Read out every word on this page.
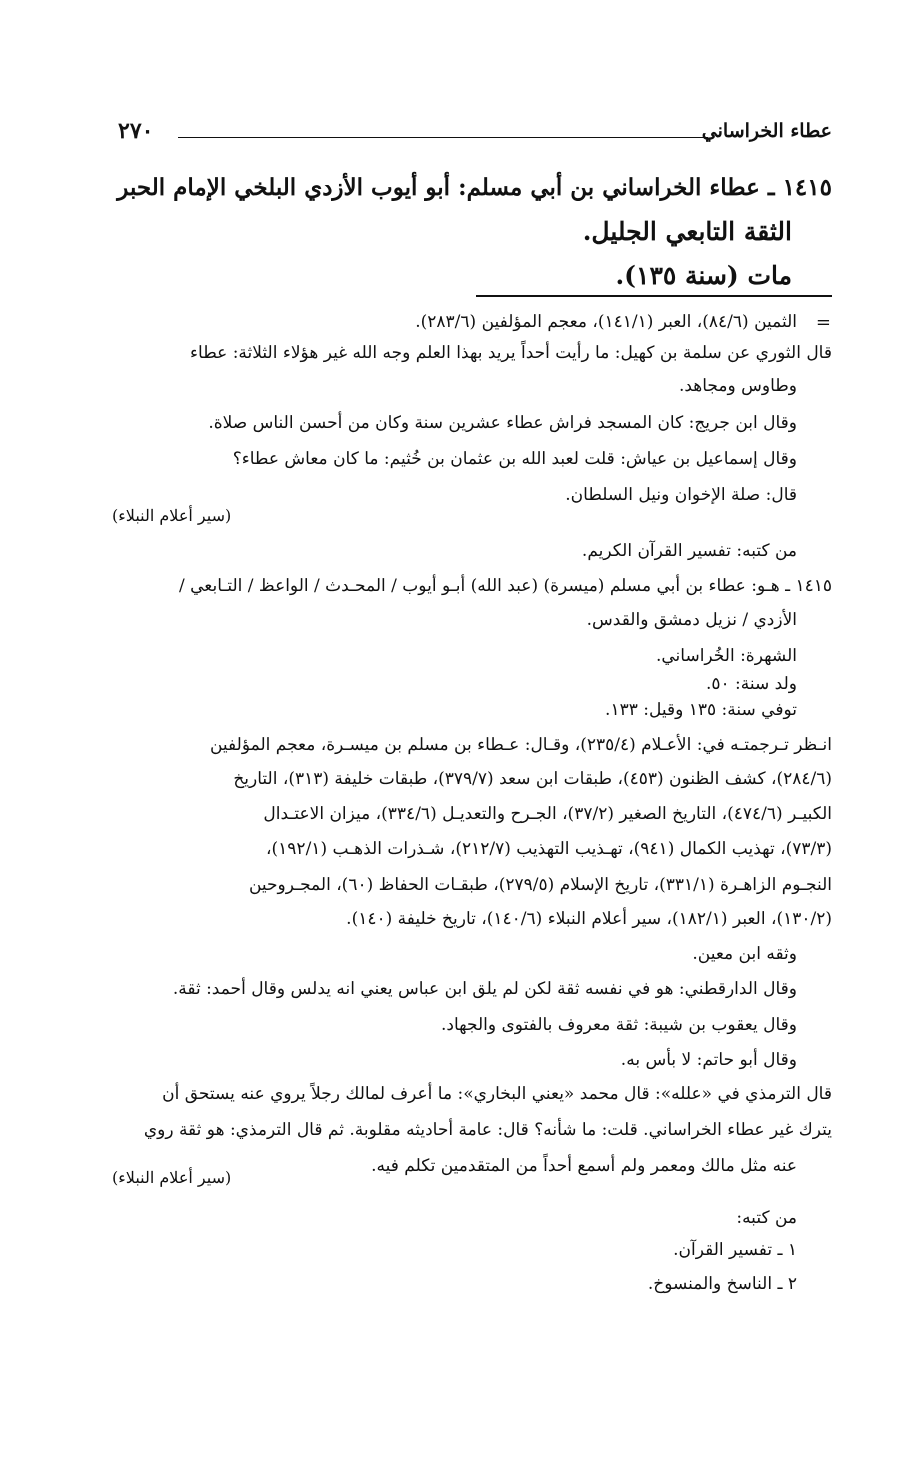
٢٧٠	عطاء الخراساني
١٤١٥ ـ عطاء الخراساني بن أبي مسلم: أبو أيوب الأزدي البلخي الإمام الحبر
الثقة التابعي الجليل.
مات (سنة ١٣٥).
=
الثمين (٨٤/٦)، العبر (١٤١/١)، معجم المؤلفين (٢٨٣/٦).
قال الثوري عن سلمة بن كهيل: ما رأيت أحداً يريد بهذا العلم وجه الله غير هؤلاء الثلاثة: عطاء
وطاوس ومجاهد.
وقال ابن جريج: كان المسجد فراش عطاء عشرين سنة وكان من أحسن الناس صلاة.
وقال إسماعيل بن عياش: قلت لعبد الله بن عثمان بن خُثيم: ما كان معاش عطاء؟
قال: صلة الإخوان ونيل السلطان.
(سير أعلام النبلاء)
من كتبه: تفسير القرآن الكريم.
١٤١٥ ـ هـو: عطاء بن أبي مسلم (ميسرة) (عبد الله) أبـو أيوب / المحـدث / الواعظ / التـابعي /
الأزدي / نزيل دمشق والقدس.
الشهرة: الخُراساني.
ولد سنة: ٥٠.
توفي سنة: ١٣٥ وقيل: ١٣٣.
انـظر تـرجمتـه في: الأعـلام (٢٣٥/٤)، وقـال: عـطاء بن مسلم بن ميسـرة، معجم المؤلفين
(٢٨٤/٦)، كشف الظنون (٤٥٣)، طبقات ابن سعد (٣٧٩/٧)، طبقات خليفة (٣١٣)، التاريخ
الكبيـر (٤٧٤/٦)، التاريخ الصغير (٣٧/٢)، الجـرح والتعديـل (٣٣٤/٦)، ميزان الاعتـدال
(٧٣/٣)، تهذيب الكمال (٩٤١)، تهـذيب التهذيب (٢١٢/٧)، شـذرات الذهـب (١٩٢/١)،
النجـوم الزاهـرة (٣٣١/١)، تاريخ الإسلام (٢٧٩/٥)، طبقـات الحفاظ (٦٠)، المجـروحين
(١٣٠/٢)، العبر (١٨٢/١)، سير أعلام النبلاء (١٤٠/٦)، تاريخ خليفة (١٤٠).
وثقه ابن معين.
وقال الدارقطني: هو في نفسه ثقة لكن لم يلق ابن عباس يعني انه يدلس وقال أحمد: ثقة.
وقال يعقوب بن شيبة: ثقة معروف بالفتوى والجهاد.
وقال أبو حاتم: لا بأس به.
قال الترمذي في «علله»: قال محمد «يعني البخاري»: ما أعرف لمالك رجلاً يروي عنه يستحق أن
يترك غير عطاء الخراساني. قلت: ما شأنه؟ قال: عامة أحاديثه مقلوبة. ثم قال الترمذي: هو ثقة روي
عنه مثل مالك ومعمر ولم أسمع أحداً من المتقدمين تكلم فيه.
(سير أعلام النبلاء)
من كتبه:
١ ـ تفسير القرآن.
٢ ـ الناسخ والمنسوخ.
